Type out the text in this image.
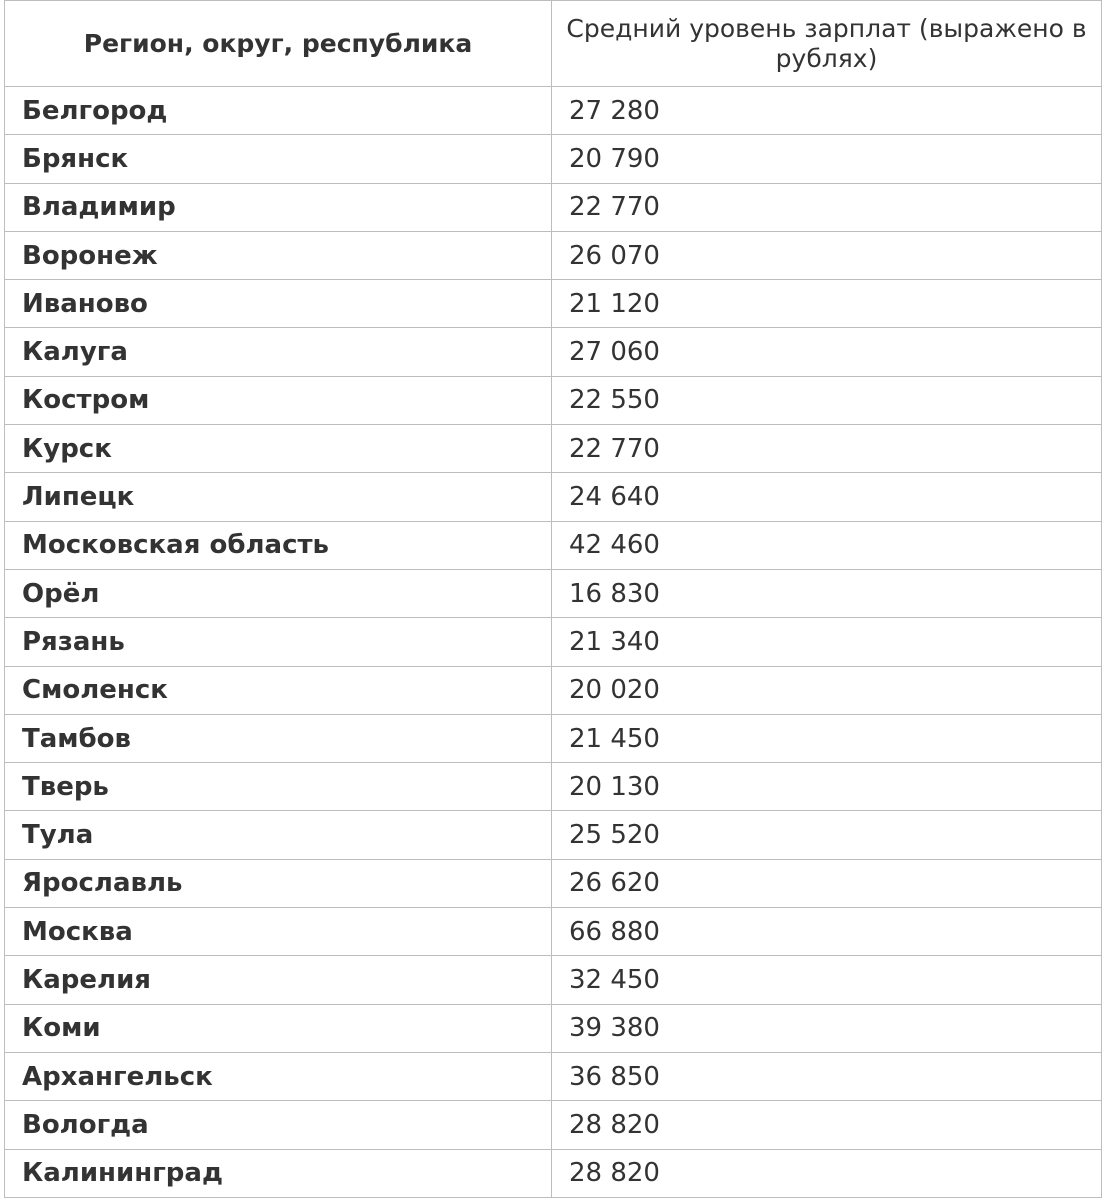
Регион, округ, республика	Средний уровень зарплат (выражено в рублях)
Белгород	27 280
Брянск	20 790
Владимир	22 770
Воронеж	26 070
Иваново	21 120
Калуга	27 060
Костром	22 550
Курск	22 770
Липецк	24 640
Московская область	42 460
Орёл	16 830
Рязань	21 340
Смоленск	20 020
Тамбов	21 450
Тверь	20 130
Тула	25 520
Ярославль	26 620
Москва	66 880
Карелия	32 450
Коми	39 380
Архангельск	36 850
Вологда	28 820
Калининград	28 820
